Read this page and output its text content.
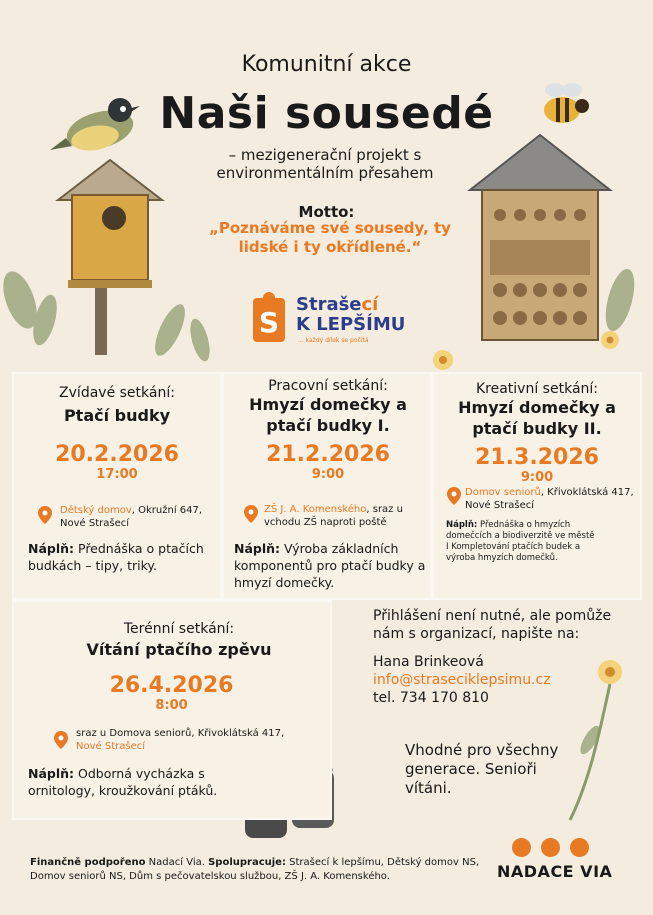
Komunitní akce
Naši sousedé
– mezigenerační projekt s environmentálním přesahem
Motto:
„Poznáváme své sousedy, ty lidské i ty okřídlené.“
S
Strašecí
K LEPŠÍMU
... každý dílek se počítá
Zvídavé setkání:
Ptačí budky
20.2.2026
17:00
Dětský domov, Okružní 647, Nové Strašecí
Náplň: Přednáška o ptačích budkách – tipy, triky.
Pracovní setkání:
Hmyzí domečky a ptačí budky I.
21.2.2026
9:00
ZŠ J. A. Komenského, sraz u vchodu ZŠ naproti poště
Náplň: Výroba základních komponentů pro ptačí budky a hmyzí domečky.
Kreativní setkání:
Hmyzí domečky a ptačí budky II.
21.3.2026
9:00
Domov seniorů, Křivoklátská 417, Nové Strašecí
Náplň: Přednáška o hmyzích domečcích a biodiverzitě ve městě I Kompletování ptačích budek a výroba hmyzích domečků.
Terénní setkání:
Vítání ptačího zpěvu
26.4.2026
8:00
sraz u Domova seniorů, Křivoklátská 417, Nové Strašecí
Náplň: Odborná vycházka s ornitology, kroužkování ptáků.
Přihlášení není nutné, ale pomůže nám s organizací, napište na:
Hana Brinkeová
info@straseciklepsimu.cz
tel. 734 170 810
Vhodné pro všechny generace. Senioři vítáni.
Finančně podpořeno Nadací Via. Spolupracuje: Strašecí k lepšímu, Dětský domov NS, Domov seniorů NS, Dům s pečovatelskou službou, ZŠ J. A. Komenského.	NADACE VIA
